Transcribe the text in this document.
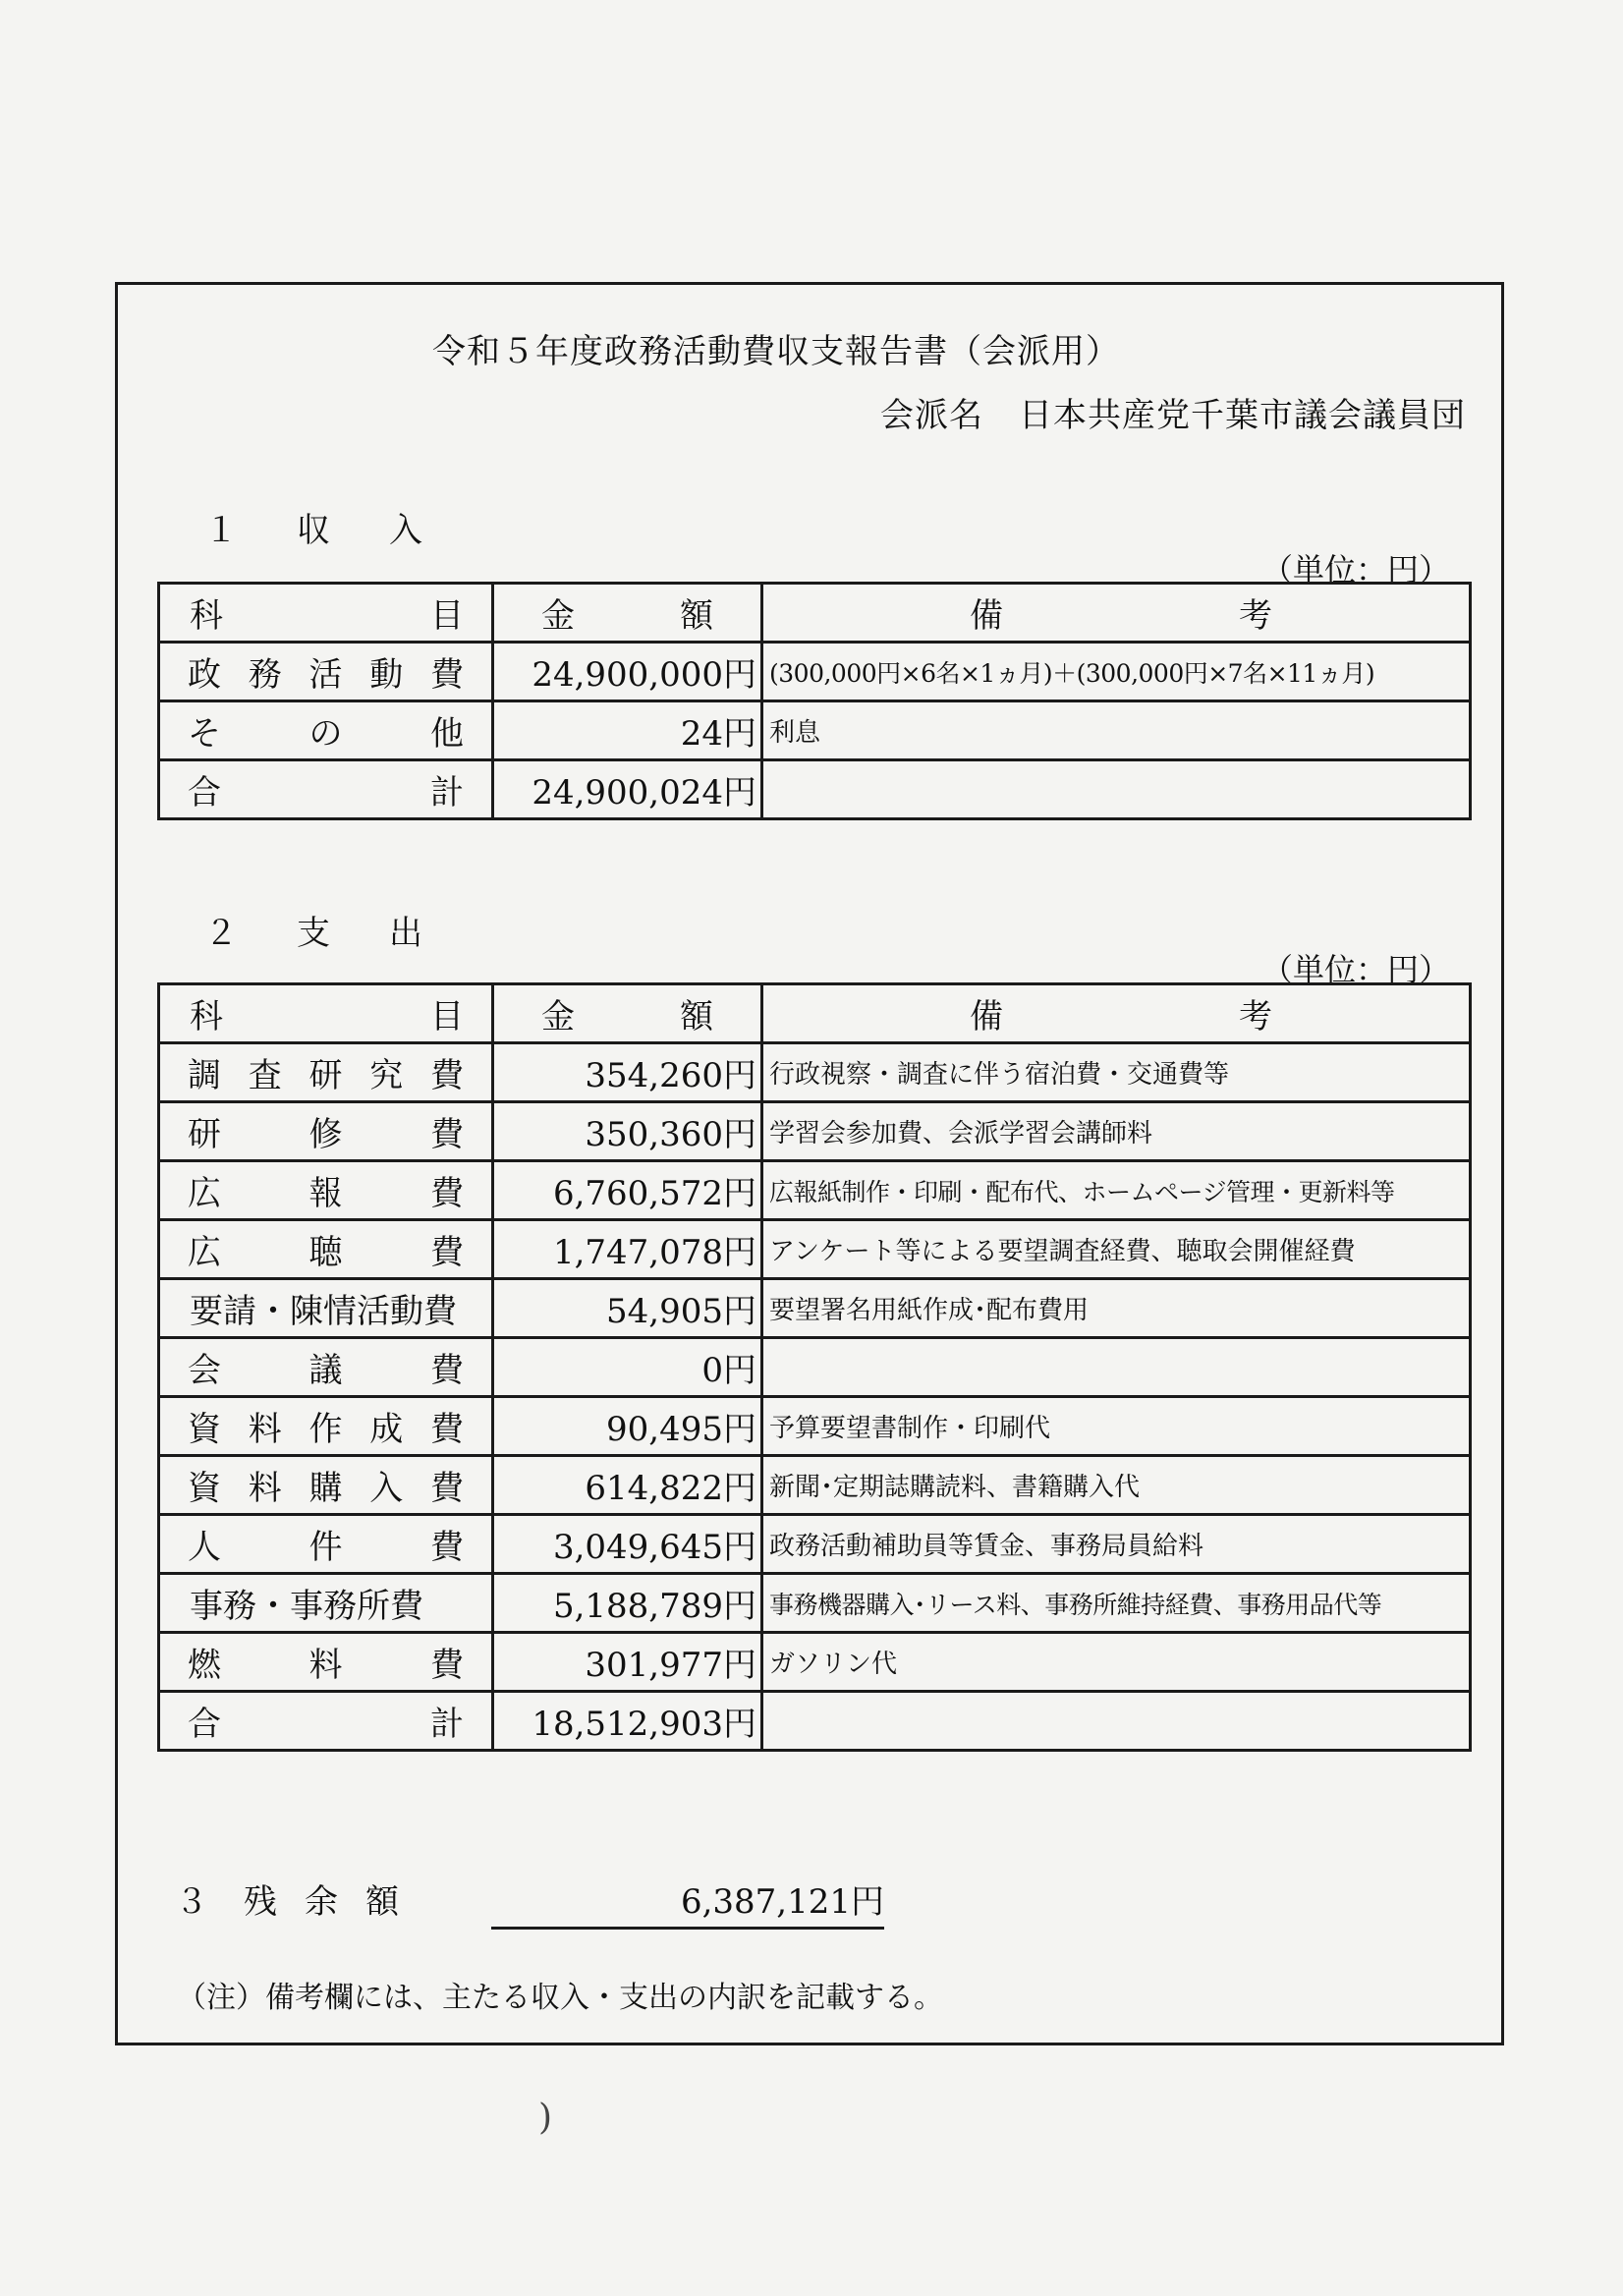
令和５年度政務活動費収支報告書（会派用）
会派名 日本共産党千葉市議会議員団
１ 収入
（単位：円）
科目	金額	備考
政務活動費	24,900,000円	(300,000円×6名×1ヵ月)＋(300,000円×7名×11ヵ月)
その他	24円	利息
合計	24,900,024円	
２ 支出
（単位：円）
科目	金額	備考
調査研究費	354,260円	行政視察・調査に伴う宿泊費・交通費等
研修費	350,360円	学習会参加費、会派学習会講師料
広報費	6,760,572円	広報紙制作・印刷・配布代、ホームページ管理・更新料等
広聴費	1,747,078円	アンケート等による要望調査経費、聴取会開催経費
要請・陳情活動費	54,905円	要望署名用紙作成･配布費用
会議費	0円	
資料作成費	90,495円	予算要望書制作・印刷代
資料購入費	614,822円	新聞･定期誌購読料、書籍購入代
人件費	3,049,645円	政務活動補助員等賃金、事務局員給料
事務・事務所費	5,188,789円	事務機器購入･リース料、事務所維持経費、事務用品代等
燃料費	301,977円	ガソリン代
合計	18,512,903円	
３ 残余額	6,387,121円
（注）備考欄には、主たる収入・支出の内訳を記載する。
)
